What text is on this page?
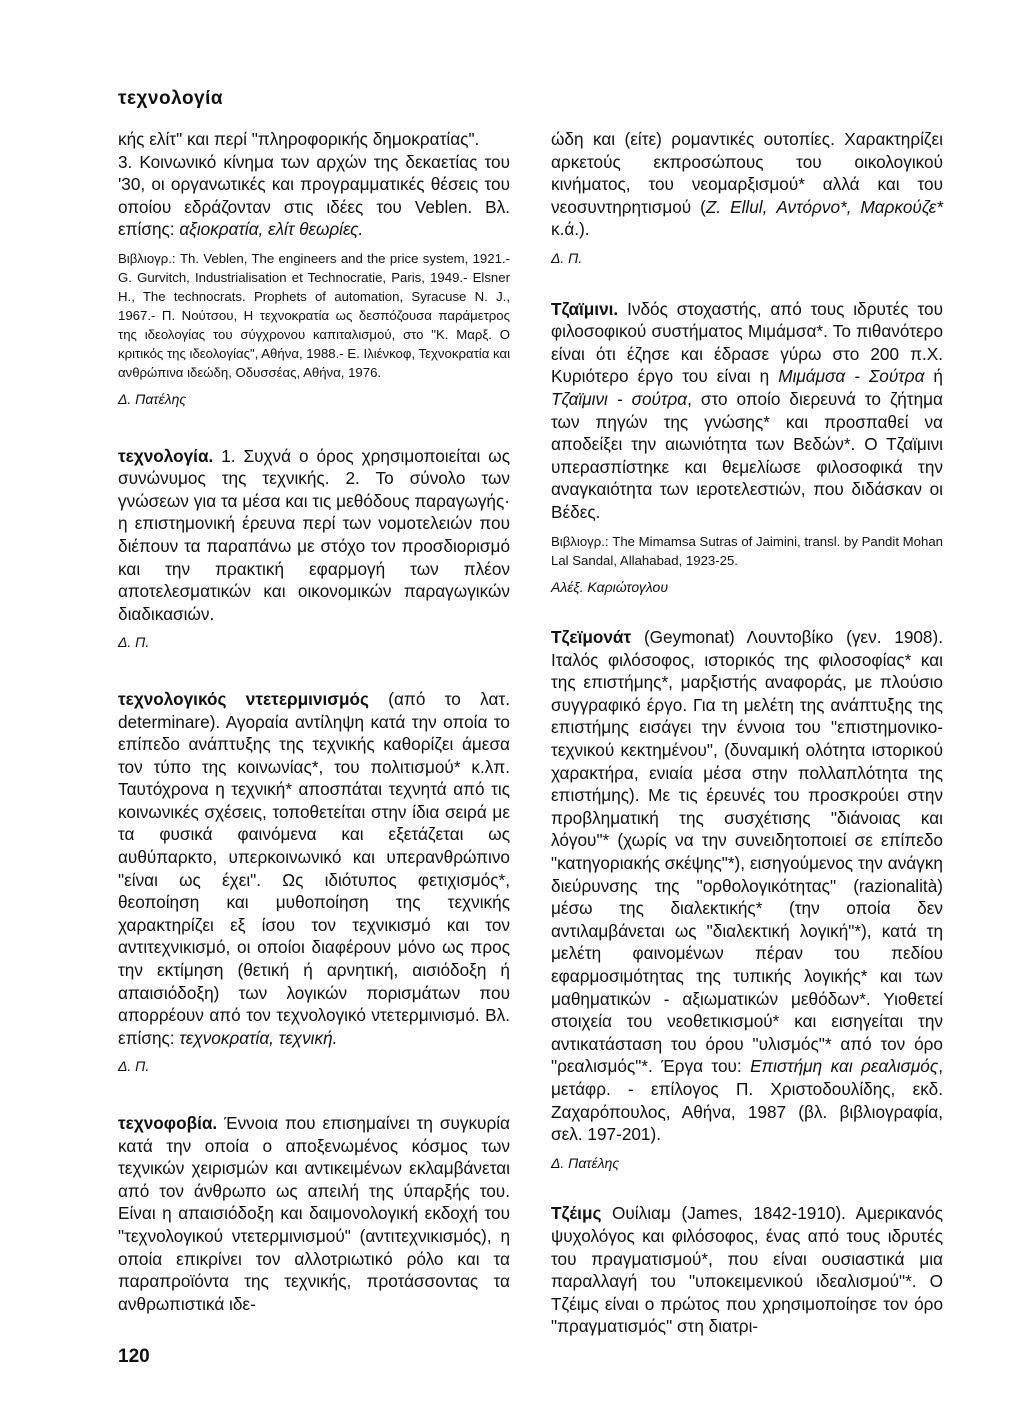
τεχνολογία

κής ελίτ" και περί "πληροφορικής δημοκρατίας".

3. Κοινωνικό κίνημα των αρχών της δεκαετίας του '30, οι οργανωτικές και προγραμματικές θέσεις του οποίου εδράζονταν στις ιδέες του Veblen. Βλ. επίσης: αξιοκρατία, ελίτ θεωρίες.

Βιβλιογρ.: Th. Veblen, The engineers and the price system, 1921.- G. Gurvitch, Industrialisation et Technocratie, Paris, 1949.- Elsner H., The technocrats. Prophets of automation, Syracuse N. J., 1967.- Π. Νούτσου, Η τεχνοκρατία ως δεσπόζουσα παράμετρος της ιδεολογίας του σύγχρονου καπιταλισμού, στο "Κ. Μαρξ. Ο κριτικός της ιδεολογίας", Αθήνα, 1988.- Ε. Ιλιένκοφ, Τεχνοκρατία και ανθρώπινα ιδεώδη, Οδυσσέας, Αθήνα, 1976.

Δ. Πατέλης

τεχνολογία. 1. Συχνά ο όρος χρησιμοποιείται ως συνώνυμος της τεχνικής. 2. Το σύνολο των γνώσεων για τα μέσα και τις μεθόδους παραγωγής· η επιστημονική έρευνα περί των νομοτελειών που διέπουν τα παραπάνω με στόχο τον προσδιορισμό και την πρακτική εφαρμογή των πλέον αποτελεσματικών και οικονομικών παραγωγικών διαδικασιών.

Δ. Π.

τεχνολογικός ντετερμινισμός (από το λατ. determinare). Αγοραία αντίληψη κατά την οποία το επίπεδο ανάπτυξης της τεχνικής καθορίζει άμεσα τον τύπο της κοινωνίας*, του πολιτισμού* κ.λπ. Ταυτόχρονα η τεχνική* αποσπάται τεχνητά από τις κοινωνικές σχέσεις, τοποθετείται στην ίδια σειρά με τα φυσικά φαινόμενα και εξετάζεται ως αυθύπαρκτο, υπερκοινωνικό και υπερανθρώπινο "είναι ως έχει". Ως ιδιότυπος φετιχισμός*, θεοποίηση και μυθοποίηση της τεχνικής χαρακτηρίζει εξ ίσου τον τεχνικισμό και τον αντιτεχνικισμό, οι οποίοι διαφέρουν μόνο ως προς την εκτίμηση (θετική ή αρνητική, αισιόδοξη ή απαισιόδοξη) των λογικών πορισμάτων που απορρέουν από τον τεχνολογικό ντετερμινισμό. Βλ. επίσης: τεχνοκρατία, τεχνική.

Δ. Π.

τεχνοφοβία. Έννοια που επισημαίνει τη συγκυρία κατά την οποία ο αποξενωμένος κόσμος των τεχνικών χειρισμών και αντικειμένων εκλαμβάνεται από τον άνθρωπο ως απειλή της ύπαρξής του. Είναι η απαισιόδοξη και δαιμονολογική εκδοχή του "τεχνολογικού ντετερμινισμού" (αντιτεχνικισμός), η οποία επικρίνει τον αλλοτριωτικό ρόλο και τα παραπροϊόντα της τεχνικής, προτάσσοντας τα ανθρωπιστικά ιδε-

ώδη και (είτε) ρομαντικές ουτοπίες. Χαρακτηρίζει αρκετούς εκπροσώπους του οικολογικού κινήματος, του νεομαρξισμού* αλλά και του νεοσυντηρητισμού (Z. Ellul, Αντόρνο*, Μαρκούζε* κ.ά.).

Δ. Π.

Τζαϊμινι. Ινδός στοχαστής, από τους ιδρυτές του φιλοσοφικού συστήματος Μιμάμσα*. Το πιθανότερο είναι ότι έζησε και έδρασε γύρω στο 200 π.Χ. Κυριότερο έργο του είναι η Μιμάμσα - Σούτρα ή Τζαϊμινι - σούτρα, στο οποίο διερευνά το ζήτημα των πηγών της γνώσης* και προσπαθεί να αποδείξει την αιωνιότητα των Βεδών*. Ο Τζαϊμινι υπερασπίστηκε και θεμελίωσε φιλοσοφικά την αναγκαιότητα των ιεροτελεστιών, που διδάσκαν οι Βέδες.

Βιβλιογρ.: The Mimamsa Sutras of Jaimini, transl. by Pandit Mohan Lal Sandal, Allahabad, 1923-25.

Αλέξ. Καριώτογλου

Τζεϊμονάτ (Geymonat) Λουντοβίκο (γεν. 1908). Ιταλός φιλόσοφος, ιστορικός της φιλοσοφίας* και της επιστήμης*, μαρξιστής αναφοράς, με πλούσιο συγγραφικό έργο. Για τη μελέτη της ανάπτυξης της επιστήμης εισάγει την έννοια του "επιστημονικο-τεχνικού κεκτημένου", (δυναμική ολότητα ιστορικού χαρακτήρα, ενιαία μέσα στην πολλαπλότητα της επιστήμης). Με τις έρευνές του προσκρούει στην προβληματική της συσχέτισης "διάνοιας και λόγου"* (χωρίς να την συνειδητοποιεί σε επίπεδο "κατηγοριακής σκέψης"*), εισηγούμενος την ανάγκη διεύρυνσης της "ορθολογικότητας" (razionalità) μέσω της διαλεκτικής* (την οποία δεν αντιλαμβάνεται ως "διαλεκτική λογική"*), κατά τη μελέτη φαινομένων πέραν του πεδίου εφαρμοσιμότητας της τυπικής λογικής* και των μαθηματικών - αξιωματικών μεθόδων*. Υιοθετεί στοιχεία του νεοθετικισμού* και εισηγείται την αντικατάσταση του όρου "υλισμός"* από τον όρο "ρεαλισμός"*. Έργα του: Επιστήμη και ρεαλισμός, μετάφρ. - επίλογος Π. Χριστοδουλίδης, εκδ. Ζαχαρόπουλος, Αθήνα, 1987 (βλ. βιβλιογραφία, σελ. 197-201).

Δ. Πατέλης

Τζέιμς Ουίλιαμ (James, 1842-1910). Αμερικανός ψυχολόγος και φιλόσοφος, ένας από τους ιδρυτές του πραγματισμού*, που είναι ουσιαστικά μια παραλλαγή του "υποκειμενικού ιδεαλισμού"*. Ο Τζέιμς είναι ο πρώτος που χρησιμοποίησε τον όρο "πραγματισμός" στη διατρι-

120
